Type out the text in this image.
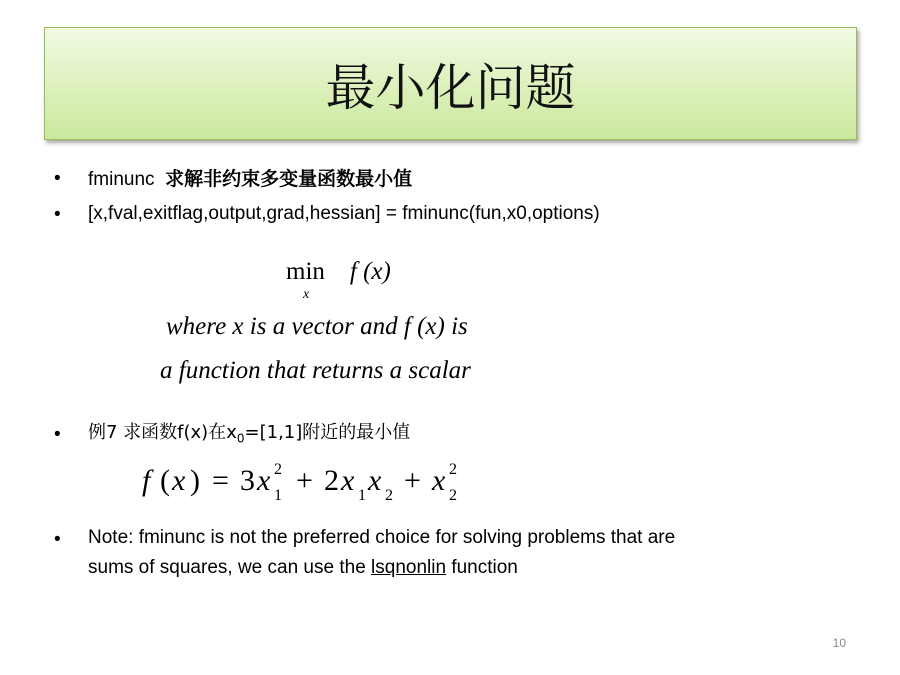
最小化问题
• fminunc 求解非约束多变量函数最小值
• [x,fval,exitflag,output,grad,hessian] = fminunc(fun,x0,options)
min f (x)
x
where x is a vector and f (x) is
a function that returns a scalar
• 例7 求函数f(x)在$x_0=[1,1]$附近的最小值
f ( x ) = 3 x 2
1 + 2 x 1 x 2 + x 2
2
• Note: fminunc is not the preferred choice for solving problems that are
sums of squares, we can use the lsqnonlin function
10
